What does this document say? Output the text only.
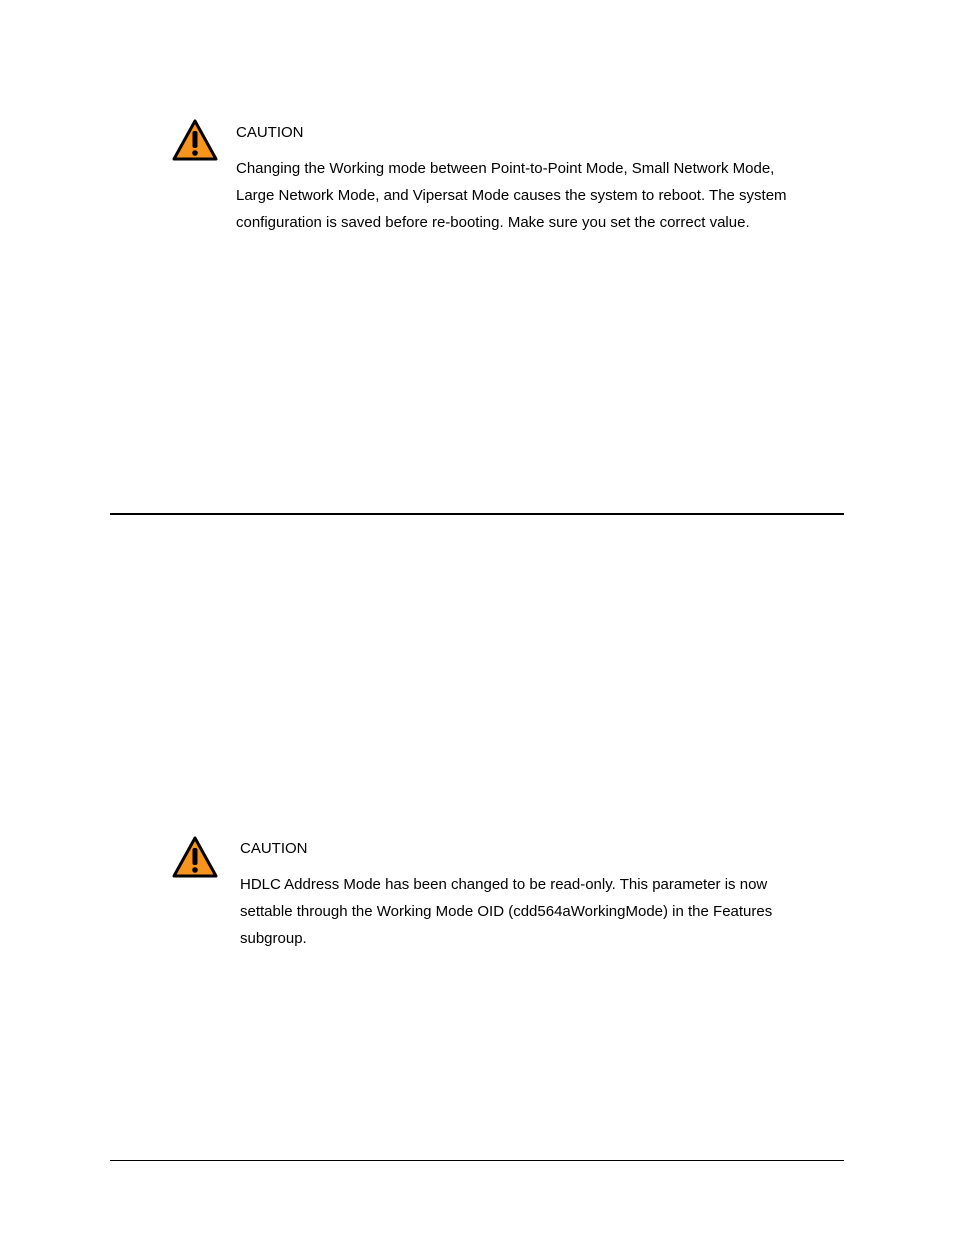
CAUTION
Changing the Working mode between Point-to-Point Mode, Small Network Mode,
Large Network Mode, and Vipersat Mode causes the system to reboot. The system
configuration is saved before re-booting. Make sure you set the correct value.
CAUTION
HDLC Address Mode has been changed to be read-only. This parameter is now
settable through the Working Mode OID (cdd564aWorkingMode) in the Features
subgroup.
